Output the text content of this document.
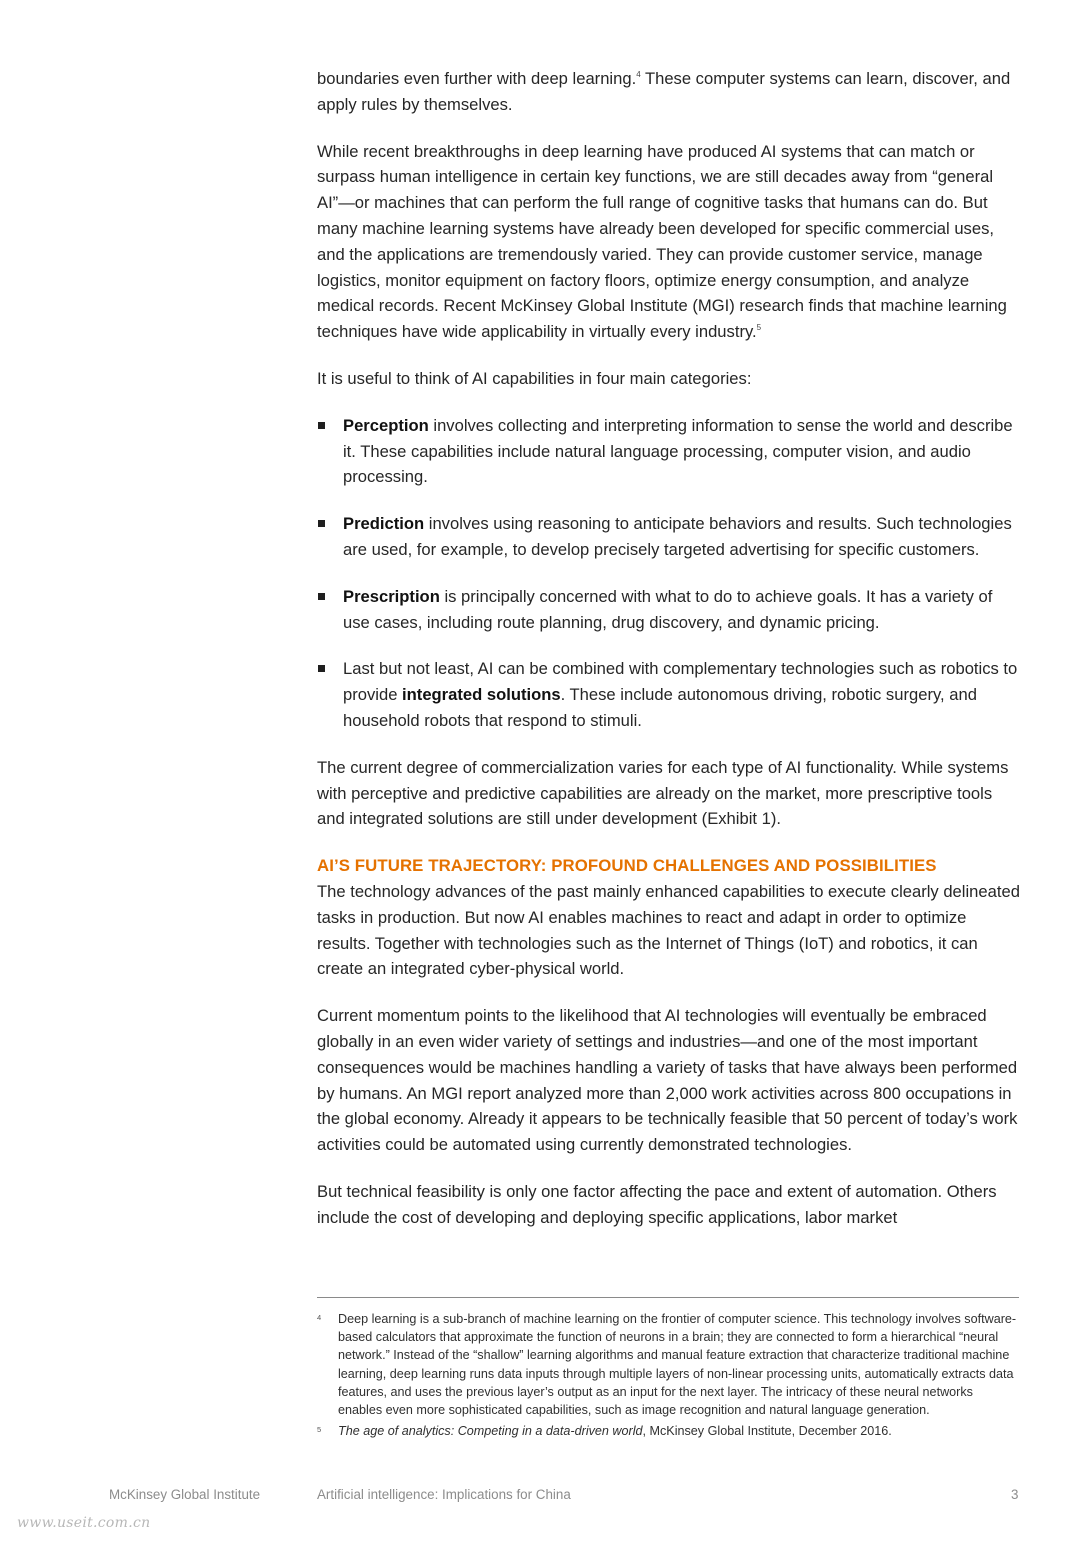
boundaries even further with deep learning.$^4$ These computer systems can learn, discover, and apply rules by themselves.

While recent breakthroughs in deep learning have produced AI systems that can match or surpass human intelligence in certain key functions, we are still decades away from “general AI”—or machines that can perform the full range of cognitive tasks that humans can do. But many machine learning systems have already been developed for specific commercial uses, and the applications are tremendously varied. They can provide customer service, manage logistics, monitor equipment on factory floors, optimize energy consumption, and analyze medical records. Recent McKinsey Global Institute (MGI) research finds that machine learning techniques have wide applicability in virtually every industry.$^5$

It is useful to think of AI capabilities in four main categories:

Perception involves collecting and interpreting information to sense the world and describe it. These capabilities include natural language processing, computer vision, and audio processing.
Prediction involves using reasoning to anticipate behaviors and results. Such technologies are used, for example, to develop precisely targeted advertising for specific customers.
Prescription is principally concerned with what to do to achieve goals. It has a variety of use cases, including route planning, drug discovery, and dynamic pricing.
Last but not least, AI can be combined with complementary technologies such as robotics to provide integrated solutions. These include autonomous driving, robotic surgery, and household robots that respond to stimuli.

The current degree of commercialization varies for each type of AI functionality. While systems with perceptive and predictive capabilities are already on the market, more prescriptive tools and integrated solutions are still under development (Exhibit 1).

AI’S FUTURE TRAJECTORY: PROFOUND CHALLENGES AND POSSIBILITIES

The technology advances of the past mainly enhanced capabilities to execute clearly delineated tasks in production. But now AI enables machines to react and adapt in order to optimize results. Together with technologies such as the Internet of Things (IoT) and robotics, it can create an integrated cyber-physical world.

Current momentum points to the likelihood that AI technologies will eventually be embraced globally in an even wider variety of settings and industries—and one of the most important consequences would be machines handling a variety of tasks that have always been performed by humans. An MGI report analyzed more than 2,000 work activities across 800 occupations in the global economy. Already it appears to be technically feasible that 50 percent of today’s work activities could be automated using currently demonstrated technologies.

But technical feasibility is only one factor affecting the pace and extent of automation. Others include the cost of developing and deploying specific applications, labor market

4 Deep learning is a sub-branch of machine learning on the frontier of computer science. This technology involves software-based calculators that approximate the function of neurons in a brain; they are connected to form a hierarchical “neural network.” Instead of the “shallow” learning algorithms and manual feature extraction that characterize traditional machine learning, deep learning runs data inputs through multiple layers of non-linear processing units, automatically extracts data features, and uses the previous layer’s output as an input for the next layer. The intricacy of these neural networks enables even more sophisticated capabilities, such as image recognition and natural language generation.
5 The age of analytics: Competing in a data-driven world, McKinsey Global Institute, December 2016.
McKinsey Global Institute	Artificial intelligence: Implications for China	3
www.useit.com.cn
